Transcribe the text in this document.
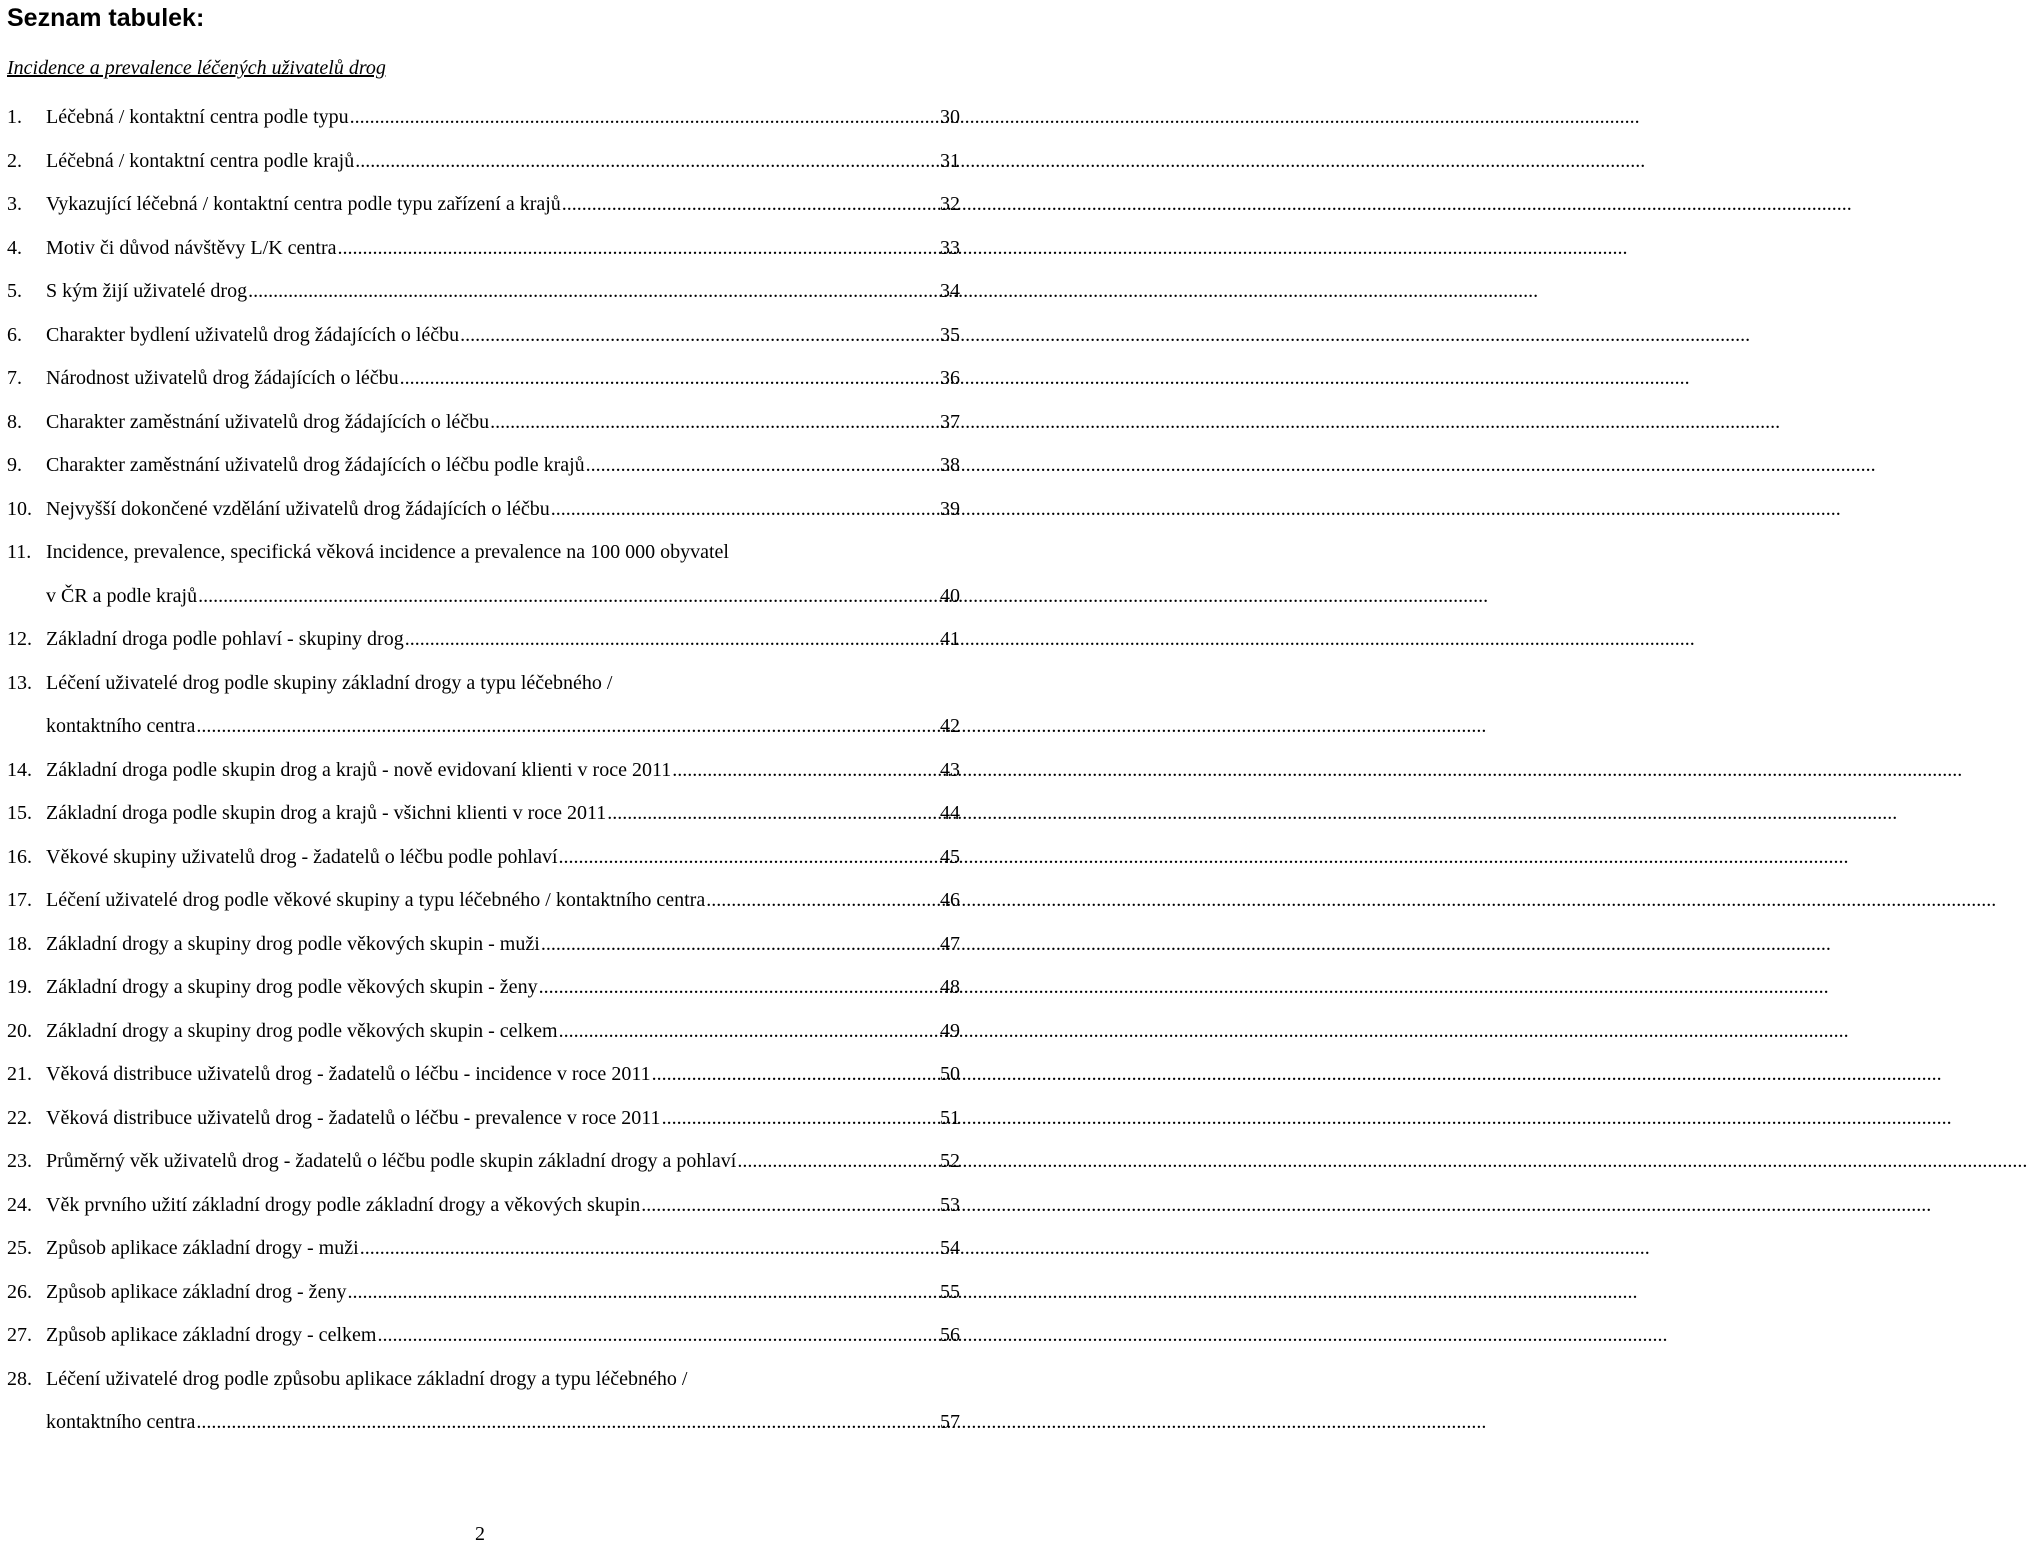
Seznam tabulek:
Incidence a prevalence léčených uživatelů drog
1.	Léčebná / kontaktní centra podle typu .....	30
2.	Léčebná / kontaktní centra podle krajů .....	31
3.	Vykazující léčebná / kontaktní centra podle typu zařízení a krajů .....	32
4.	Motiv či důvod návštěvy L/K centra .....	33
5.	S kým žijí uživatelé drog .....	34
6.	Charakter bydlení uživatelů drog žádajících o léčbu .....	35
7.	Národnost uživatelů drog žádajících o léčbu .....	36
8.	Charakter zaměstnání uživatelů drog žádajících o léčbu .....	37
9.	Charakter zaměstnání uživatelů drog žádajících o léčbu podle krajů .....	38
10. Nejvyšší dokončené vzdělání uživatelů drog žádajících o léčbu .....	39
11. Incidence, prevalence, specifická věková incidence a prevalence na 100 000 obyvatel
v ČR a podle krajů .....	40
12. Základní droga podle pohlaví - skupiny drog .....	41
13. Léčení uživatelé drog podle skupiny základní drogy a typu léčebného /
kontaktního centra .....	42
14. Základní droga podle skupin drog a krajů - nově evidovaní klienti v roce 2011 .....	43
15. Základní droga podle skupin drog a krajů - všichni klienti v roce 2011 .....	44
16. Věkové skupiny uživatelů drog - žadatelů o léčbu podle pohlaví .....	45
17. Léčení uživatelé drog podle věkové skupiny a typu léčebného / kontaktního centra .....	46
18. Základní drogy a skupiny drog podle věkových skupin - muži .....	47
19. Základní drogy a skupiny drog podle věkových skupin - ženy .....	48
20. Základní drogy a skupiny drog podle věkových skupin - celkem .....	49
21. Věková distribuce uživatelů drog - žadatelů o léčbu - incidence v roce 2011 .....	50
22. Věková distribuce uživatelů drog - žadatelů o léčbu - prevalence v roce 2011 .....	51
23. Průměrný věk uživatelů drog - žadatelů o léčbu podle skupin základní drogy a pohlaví .....	52
24. Věk prvního užití základní drogy podle základní drogy a věkových skupin .....	53
25. Způsob aplikace základní drogy - muži .....	54
26. Způsob aplikace základní drog - ženy .....	55
27. Způsob aplikace základní drogy - celkem .....	56
28. Léčení uživatelé drog podle způsobu aplikace základní drogy a typu léčebného /
kontaktního centra .....	57
2
